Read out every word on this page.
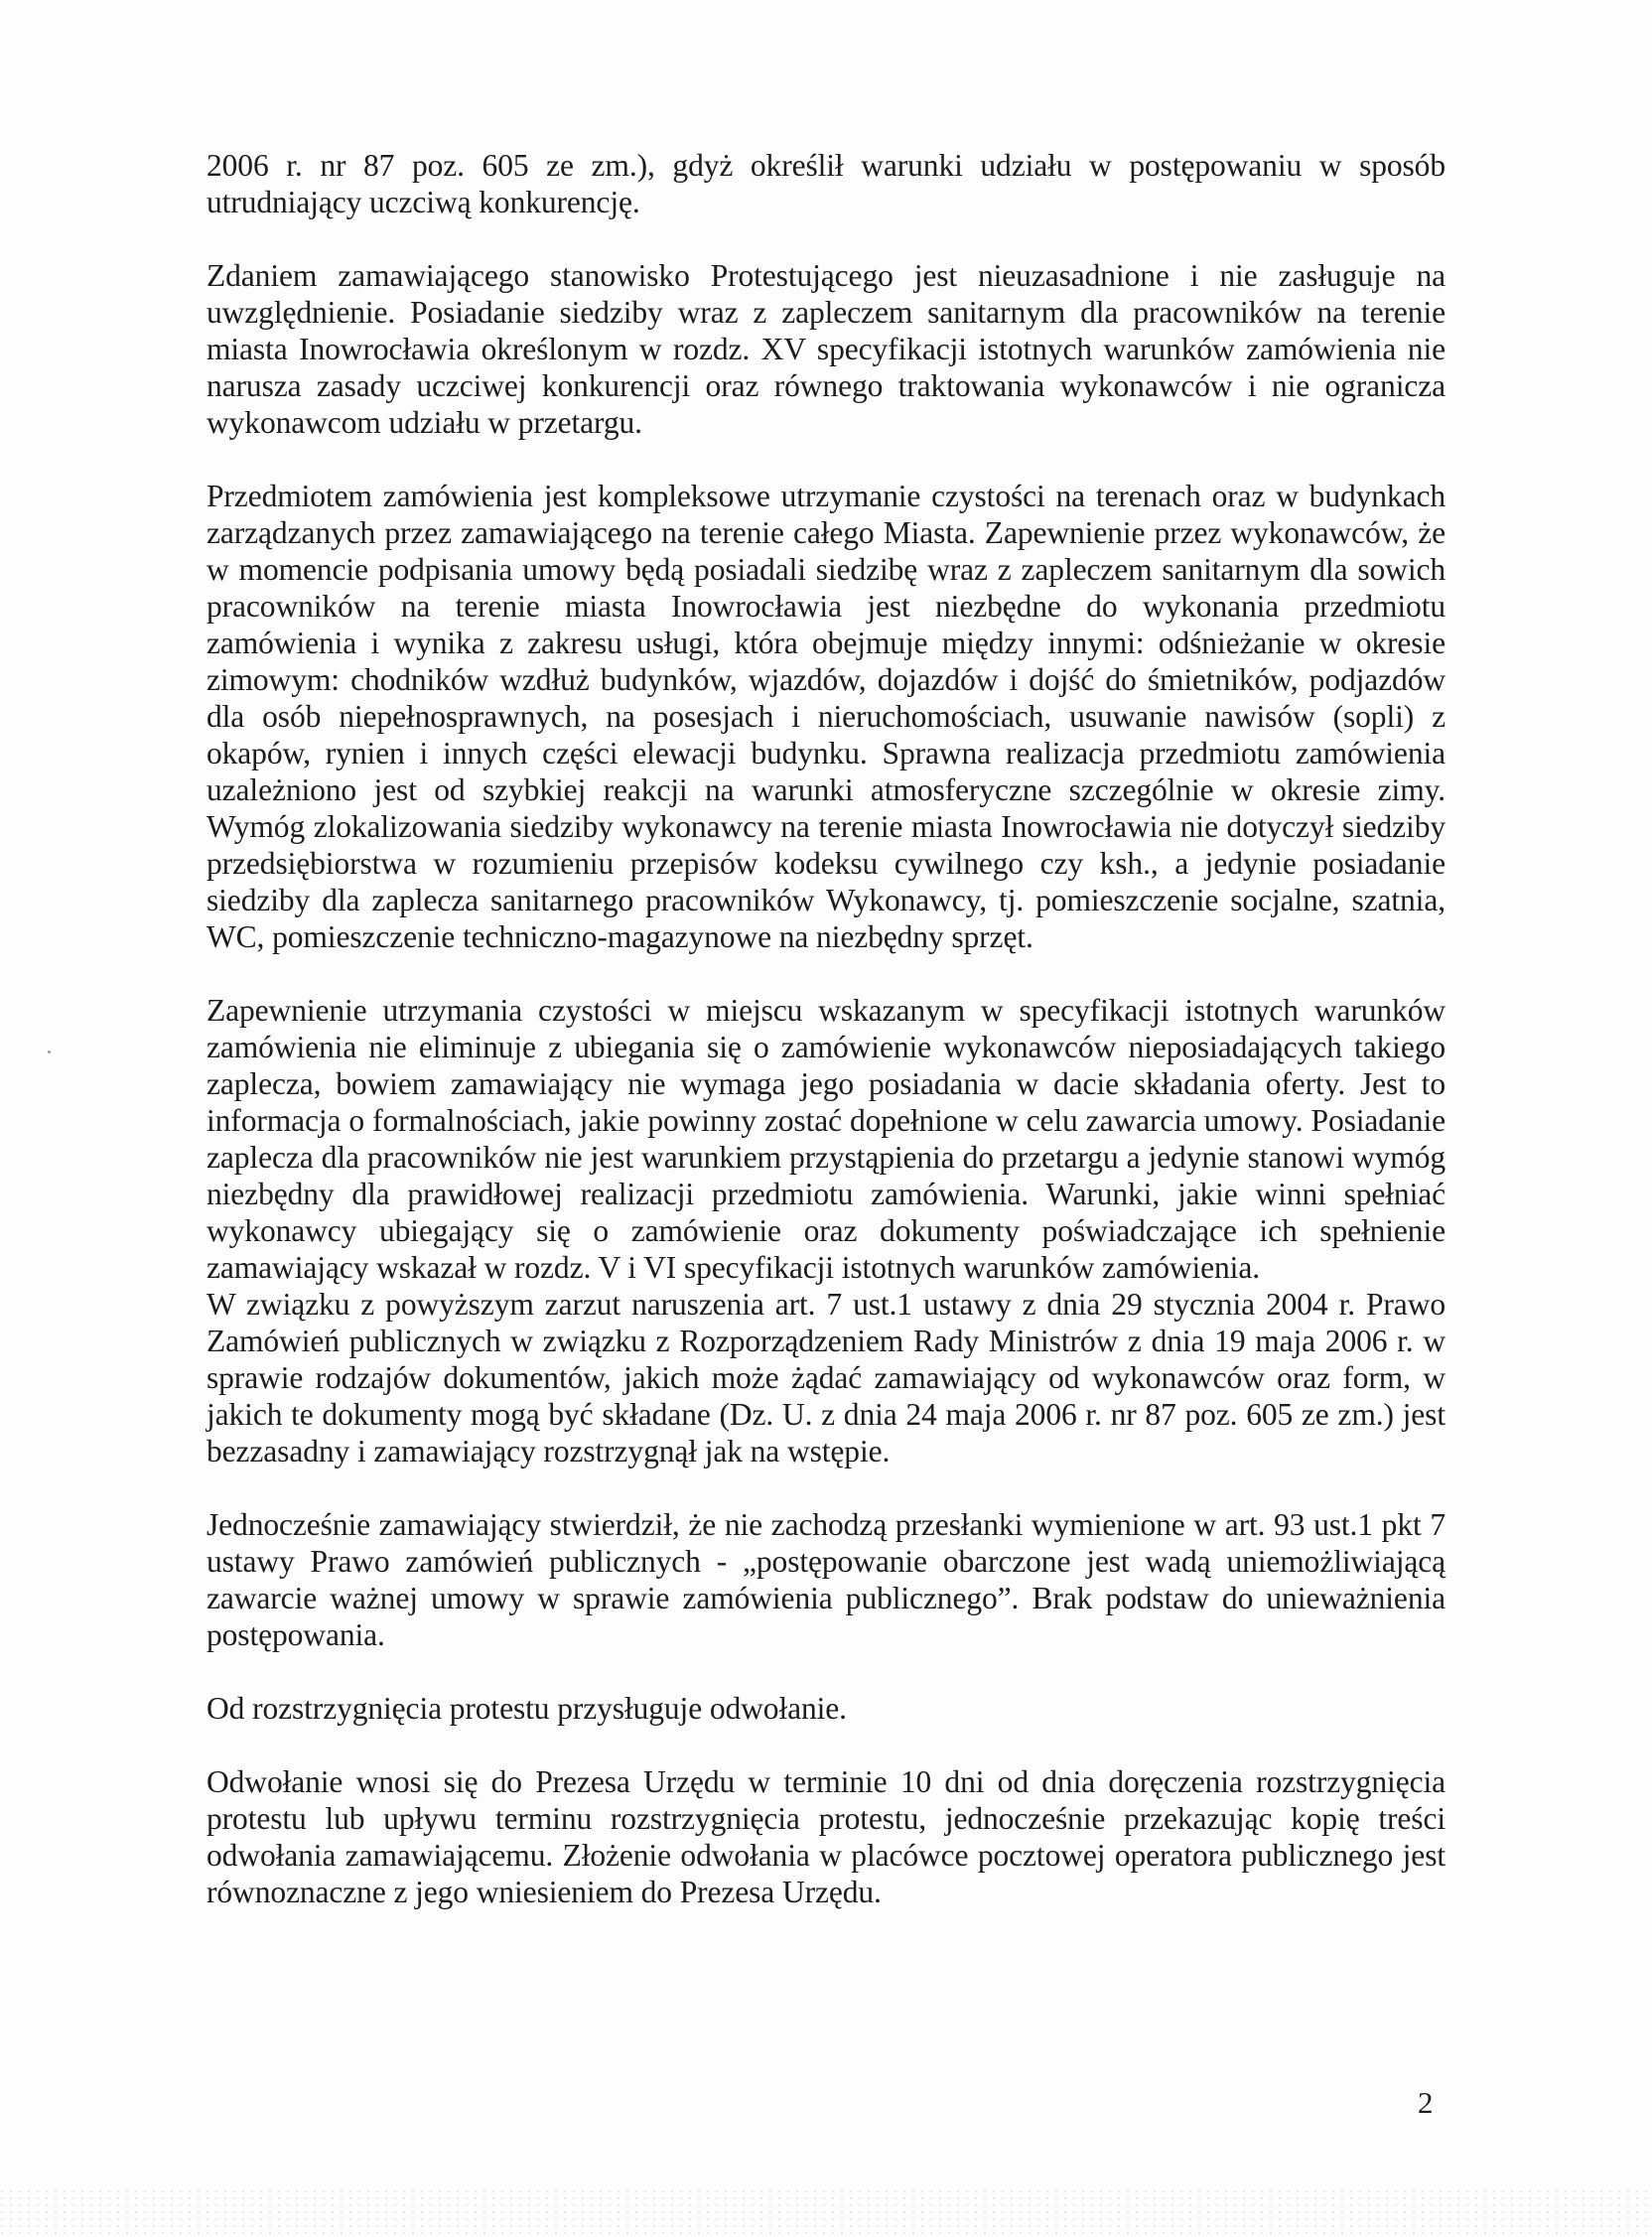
2006 r. nr 87 poz. 605 ze zm.), gdyż określił warunki udziału w postępowaniu w sposób utrudniający uczciwą konkurencję.

Zdaniem zamawiającego stanowisko Protestującego jest nieuzasadnione i nie zasługuje na uwzględnienie. Posiadanie siedziby wraz z zapleczem sanitarnym dla pracowników na terenie miasta Inowrocławia określonym w rozdz. XV specyfikacji istotnych warunków zamówienia nie narusza zasady uczciwej konkurencji oraz równego traktowania wykonawców i nie ogranicza wykonawcom udziału w przetargu.

Przedmiotem zamówienia jest kompleksowe utrzymanie czystości na terenach oraz w budynkach zarządzanych przez zamawiającego na terenie całego Miasta. Zapewnienie przez wykonawców, że w momencie podpisania umowy będą posiadali siedzibę wraz z zapleczem sanitarnym dla sowich pracowników na terenie miasta Inowrocławia jest niezbędne do wykonania przedmiotu zamówienia i wynika z zakresu usługi, która obejmuje między innymi: odśnieżanie w okresie zimowym: chodników wzdłuż budynków, wjazdów, dojazdów i dojść do śmietników, podjazdów dla osób niepełnosprawnych, na posesjach i nieruchomościach, usuwanie nawisów (sopli) z okapów, rynien i innych części elewacji budynku. Sprawna realizacja przedmiotu zamówienia uzależniono jest od szybkiej reakcji na warunki atmosferyczne szczególnie w okresie zimy. Wymóg zlokalizowania siedziby wykonawcy na terenie miasta Inowrocławia nie dotyczył siedziby przedsiębiorstwa w rozumieniu przepisów kodeksu cywilnego czy ksh., a jedynie posiadanie siedziby dla zaplecza sanitarnego pracowników Wykonawcy, tj. pomieszczenie socjalne, szatnia, WC, pomieszczenie techniczno-magazynowe na niezbędny sprzęt.

Zapewnienie utrzymania czystości w miejscu wskazanym w specyfikacji istotnych warunków zamówienia nie eliminuje z ubiegania się o zamówienie wykonawców nieposiadających takiego zaplecza, bowiem zamawiający nie wymaga jego posiadania w dacie składania oferty. Jest to informacja o formalnościach, jakie powinny zostać dopełnione w celu zawarcia umowy. Posiadanie zaplecza dla pracowników nie jest warunkiem przystąpienia do przetargu a jedynie stanowi wymóg niezbędny dla prawidłowej realizacji przedmiotu zamówienia. Warunki, jakie winni spełniać wykonawcy ubiegający się o zamówienie oraz dokumenty poświadczające ich spełnienie zamawiający wskazał w rozdz. V i VI specyfikacji istotnych warunków zamówienia.

W związku z powyższym zarzut naruszenia art. 7 ust.1 ustawy z dnia 29 stycznia 2004 r. Prawo Zamówień publicznych w związku z Rozporządzeniem Rady Ministrów z dnia 19 maja 2006 r. w sprawie rodzajów dokumentów, jakich może żądać zamawiający od wykonawców oraz form, w jakich te dokumenty mogą być składane (Dz. U. z dnia 24 maja 2006 r. nr 87 poz. 605 ze zm.) jest bezzasadny i zamawiający rozstrzygnął jak na wstępie.

Jednocześnie zamawiający stwierdził, że nie zachodzą przesłanki wymienione w art. 93 ust.1 pkt 7 ustawy Prawo zamówień publicznych - „postępowanie obarczone jest wadą uniemożliwiającą zawarcie ważnej umowy w sprawie zamówienia publicznego”. Brak podstaw do unieważnienia postępowania.

Od rozstrzygnięcia protestu przysługuje odwołanie.

Odwołanie wnosi się do Prezesa Urzędu w terminie 10 dni od dnia doręczenia rozstrzygnięcia protestu lub upływu terminu rozstrzygnięcia protestu, jednocześnie przekazując kopię treści odwołania zamawiającemu. Złożenie odwołania w placówce pocztowej operatora publicznego jest równoznaczne z jego wniesieniem do Prezesa Urzędu.

2
